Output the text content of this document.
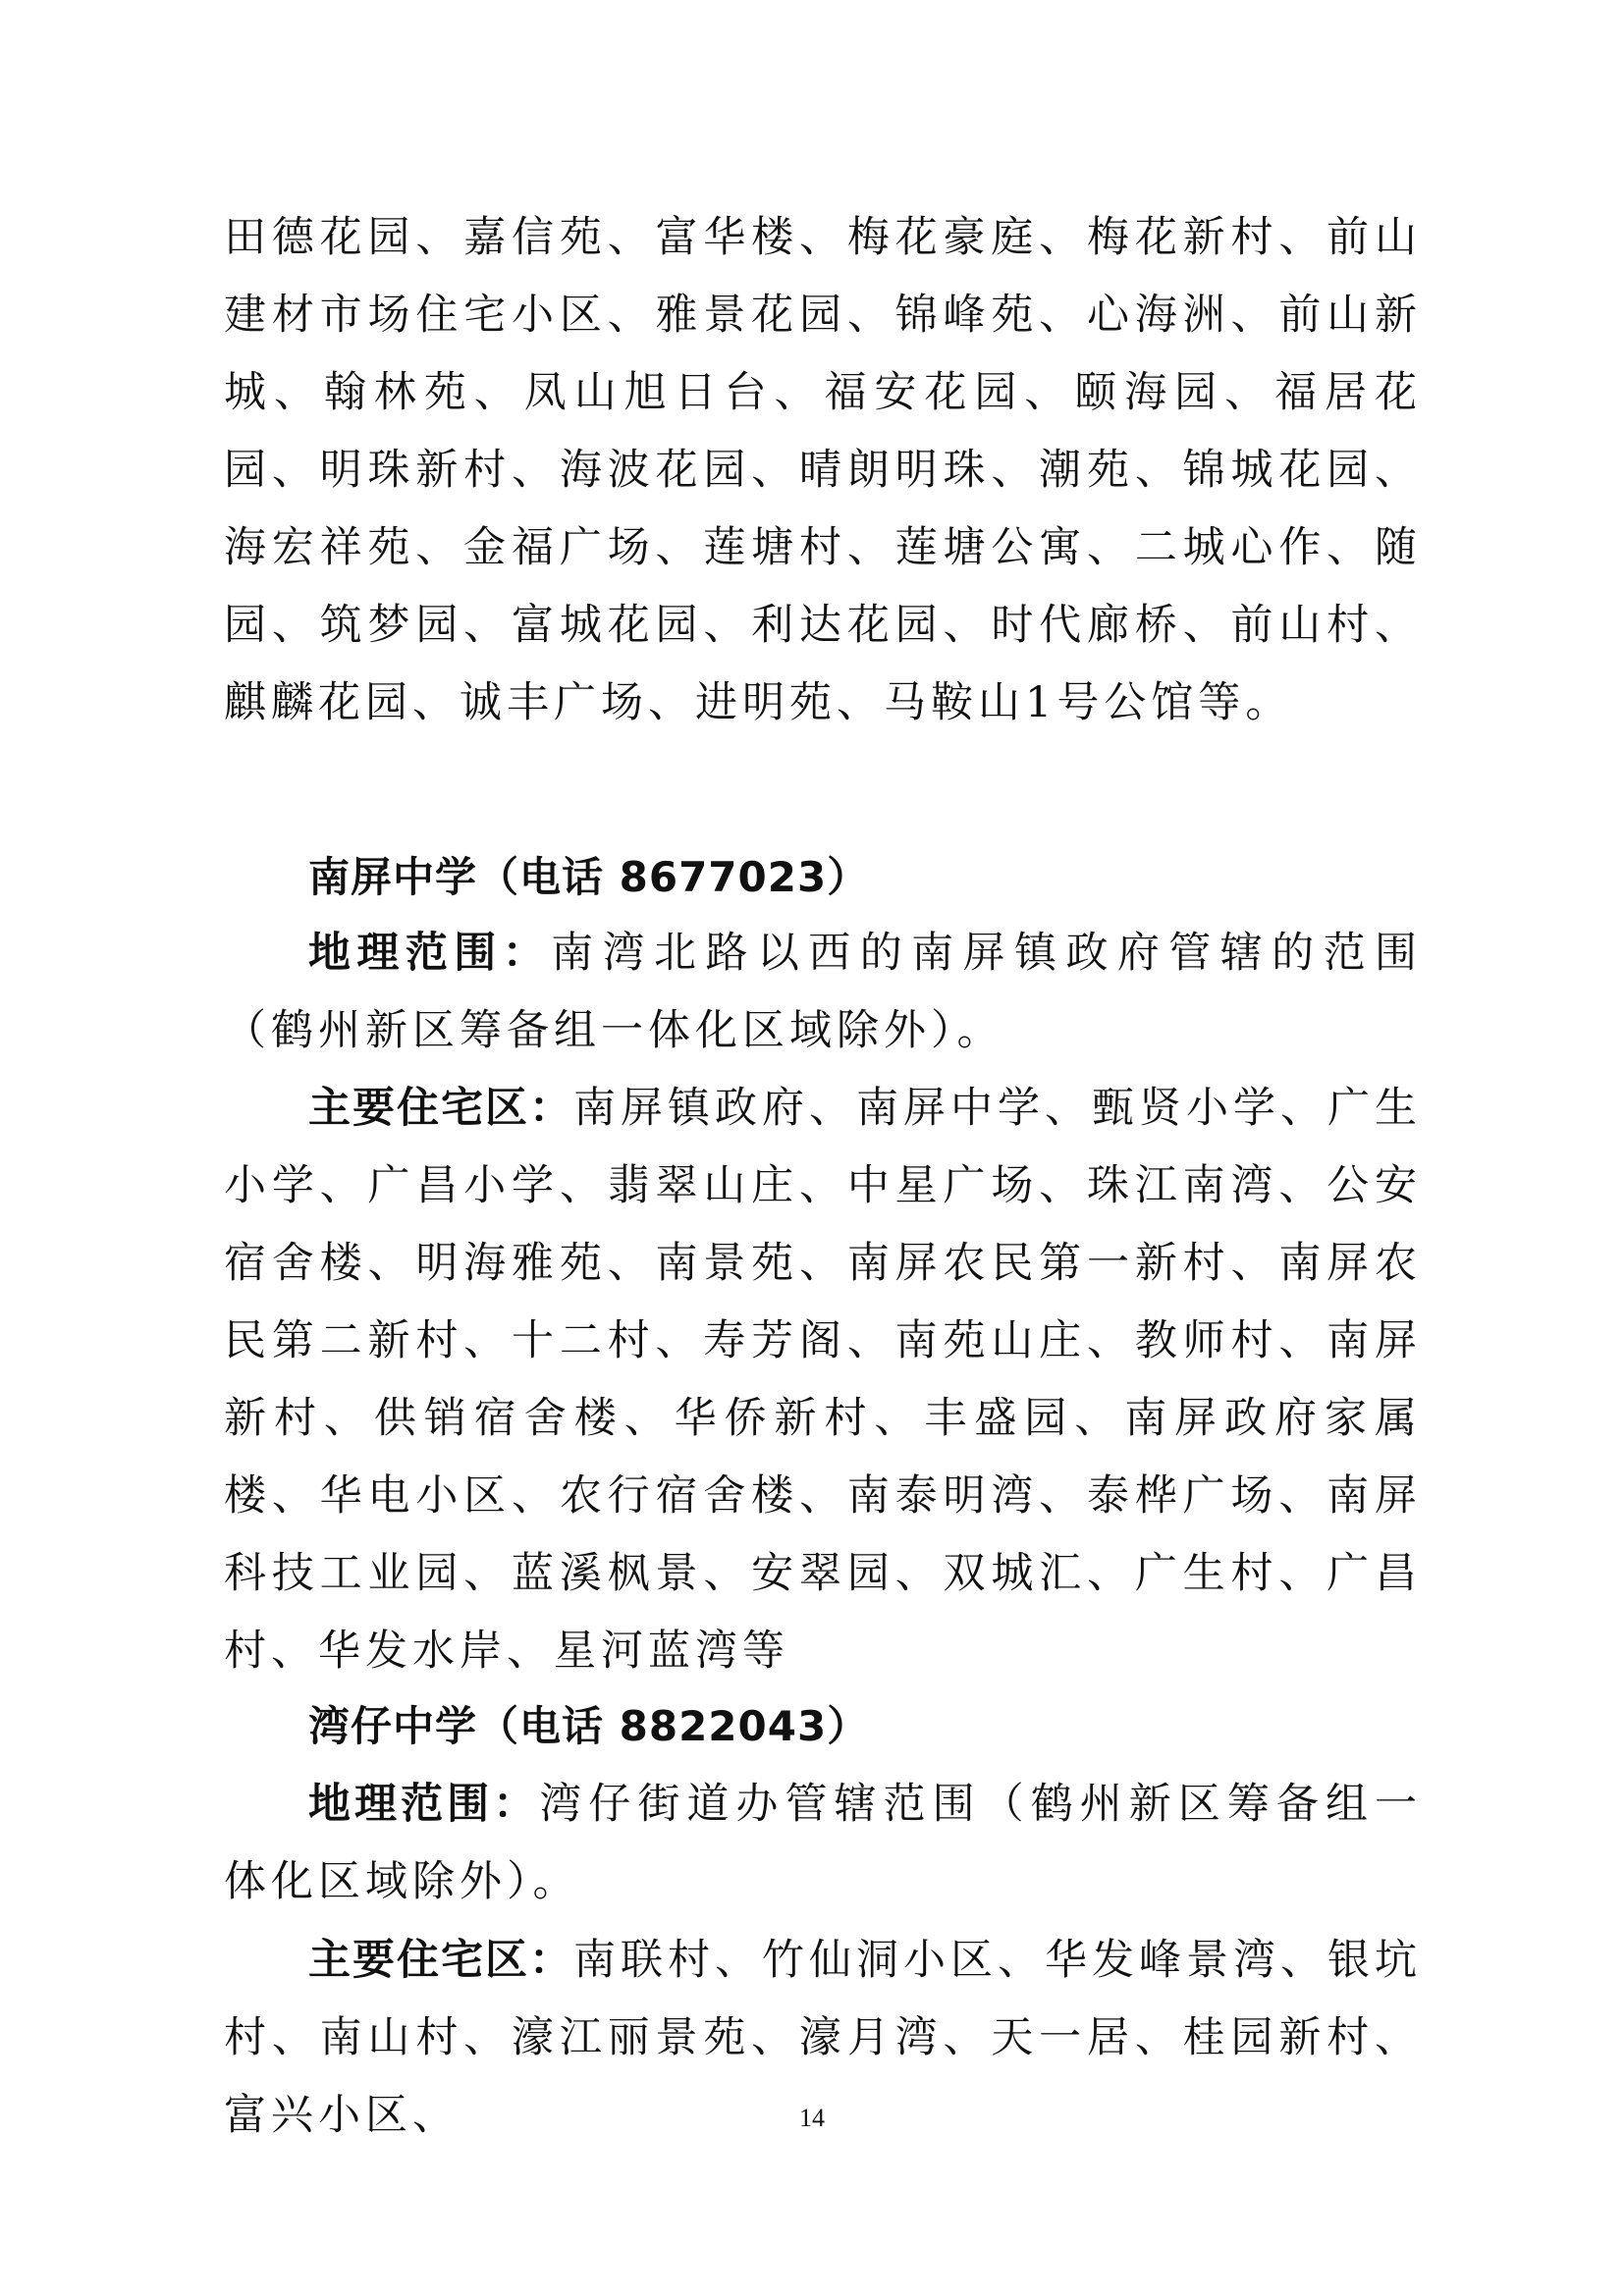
田德花园、嘉信苑、富华楼、梅花豪庭、梅花新村、前山建材市场住宅小区、雅景花园、锦峰苑、心海洲、前山新城、翰林苑、凤山旭日台、福安花园、颐海园、福居花园、明珠新村、海波花园、晴朗明珠、潮苑、锦城花园、海宏祥苑、金福广场、莲塘村、莲塘公寓、二城心作、随园、筑梦园、富城花园、利达花园、时代廊桥、前山村、麒麟花园、诚丰广场、进明苑、马鞍山1号公馆等。

南屏中学（电话 8677023）

地理范围：南湾北路以西的南屏镇政府管辖的范围（鹤州新区筹备组一体化区域除外）。

主要住宅区：南屏镇政府、南屏中学、甄贤小学、广生小学、广昌小学、翡翠山庄、中星广场、珠江南湾、公安宿舍楼、明海雅苑、南景苑、南屏农民第一新村、南屏农民第二新村、十二村、寿芳阁、南苑山庄、教师村、南屏新村、供销宿舍楼、华侨新村、丰盛园、南屏政府家属楼、华电小区、农行宿舍楼、南泰明湾、泰桦广场、南屏科技工业园、蓝溪枫景、安翠园、双城汇、广生村、广昌村、华发水岸、星河蓝湾等

湾仔中学（电话 8822043）

地理范围：湾仔街道办管辖范围（鹤州新区筹备组一体化区域除外）。

主要住宅区：南联村、竹仙洞小区、华发峰景湾、银坑村、南山村、濠江丽景苑、濠月湾、天一居、桂园新村、富兴小区、	14
